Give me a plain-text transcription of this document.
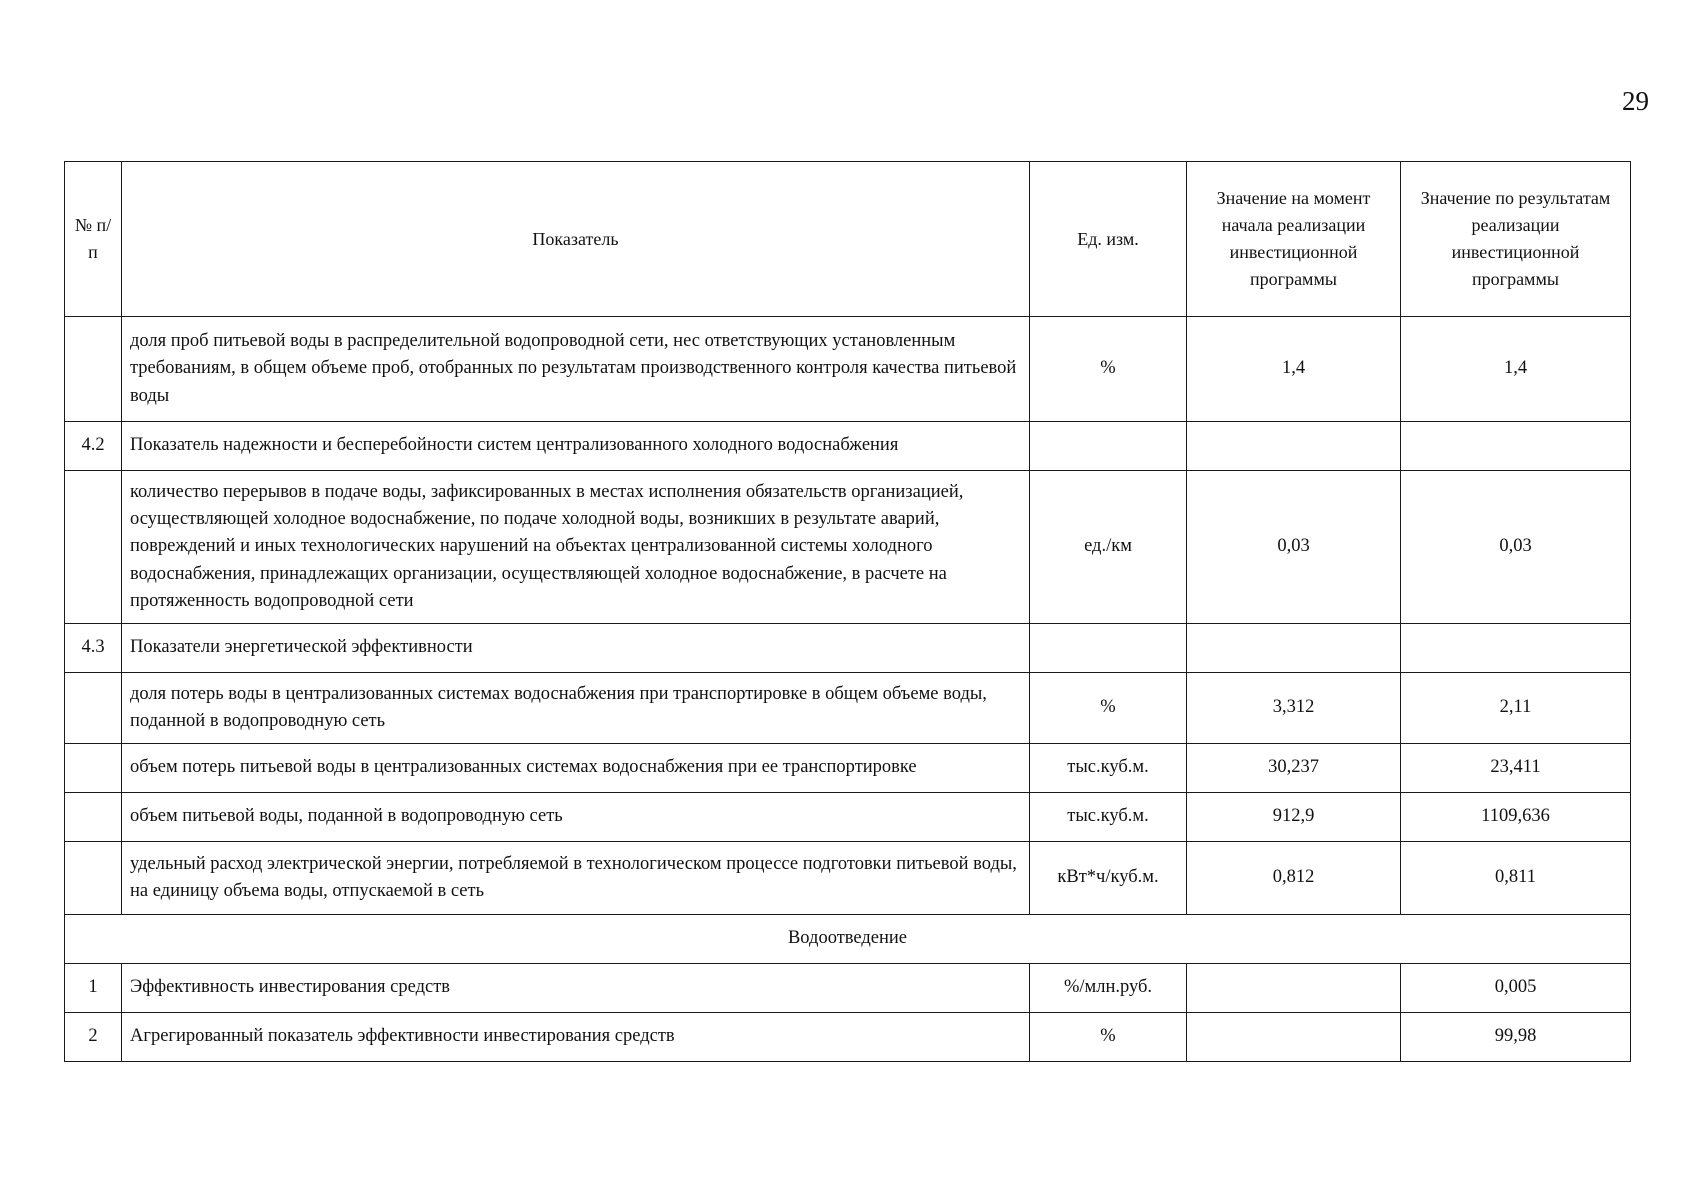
29
№ п/п	Показатель	Ед. изм.	Значение на момент начала реализации инвестиционной программы	Значение по результатам реализации инвестиционной программы
	доля проб питьевой воды в распределительной водопроводной сети, нес ответствующих установленным требованиям, в общем объеме проб, отобранных по результатам производственного контроля качества питьевой воды	%	1,4	1,4
4.2	Показатель надежности и бесперебойности систем централизованного холодного водоснабжения			
	количество перерывов в подаче воды, зафиксированных в местах исполнения обязательств организацией, осуществляющей холодное водоснабжение, по подаче холодной воды, возникших в результате аварий, повреждений и иных технологических нарушений на объектах централизованной системы холодного водоснабжения, принадлежащих организации, осуществляющей холодное водоснабжение, в расчете на протяженность водопроводной сети	ед./км	0,03	0,03
4.3	Показатели энергетической эффективности			
	доля потерь воды в централизованных системах водоснабжения при транспортировке в общем объеме воды, поданной в водопроводную сеть	%	3,312	2,11
	объем потерь питьевой воды в централизованных системах водоснабжения при ее транспортировке	тыс.куб.м.	30,237	23,411
	объем питьевой воды, поданной в водопроводную сеть	тыс.куб.м.	912,9	1109,636
	удельный расход электрической энергии, потребляемой в технологическом процессе подготовки питьевой воды, на единицу объема воды, отпускаемой в сеть	кВт*ч/куб.м.	0,812	0,811
Водоотведение				
1	Эффективность инвестирования средств	%/млн.руб.		0,005
2	Агрегированный показатель эффективности инвестирования средств	%		99,98
